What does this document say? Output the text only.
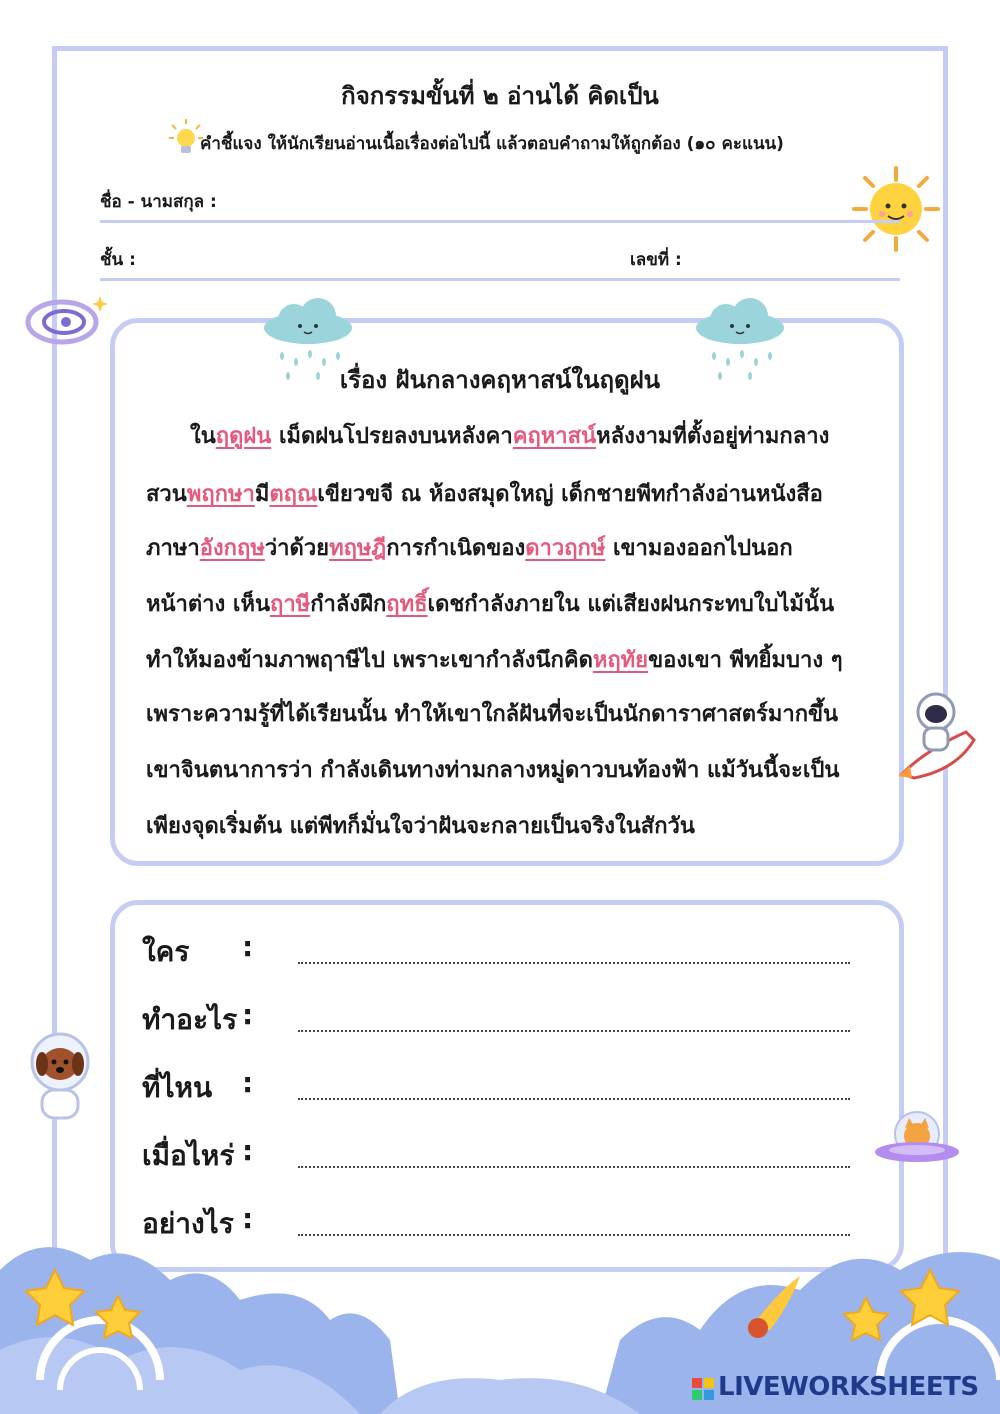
กิจกรรมขั้นที่ ๒ อ่านได้ คิดเป็น
คำชี้แจง ให้นักเรียนอ่านเนื้อเรื่องต่อไปนี้ แล้วตอบคำถามให้ถูกต้อง (๑๐ คะแนน)
ชื่อ - นามสกุล :
ชั้น :	เลขที่ :
เรื่อง ฝันกลางคฤหาสน์ในฤดูฝน
ในฤดูฝน เม็ดฝนโปรยลงบนหลังคาคฤหาสน์หลังงามที่ตั้งอยู่ท่ามกลาง
สวนพฤกษามีตฤณเขียวขจี ณ ห้องสมุดใหญ่ เด็กชายพีทกำลังอ่านหนังสือ
ภาษาอังกฤษว่าด้วยทฤษฎีการกำเนิดของดาวฤกษ์ เขามองออกไปนอก
หน้าต่าง เห็นฤาษีกำลังฝึกฤทธิ์เดชกำลังภายใน แต่เสียงฝนกระทบใบไม้นั้น
ทำให้มองข้ามภาพฤาษีไป เพราะเขากำลังนึกคิดหฤทัยของเขา พีทยิ้มบาง ๆ
เพราะความรู้ที่ได้เรียนนั้น ทำให้เขาใกล้ฝันที่จะเป็นนักดาราศาสตร์มากขึ้น
เขาจินตนาการว่า กำลังเดินทางท่ามกลางหมู่ดาวบนท้องฟ้า แม้วันนี้จะเป็น
เพียงจุดเริ่มต้น แต่พีทก็มั่นใจว่าฝันจะกลายเป็นจริงในสักวัน
ใคร :
ทำอะไร :
ที่ไหน :
เมื่อไหร่ :
อย่างไร :
LIVEWORKSHEETS
